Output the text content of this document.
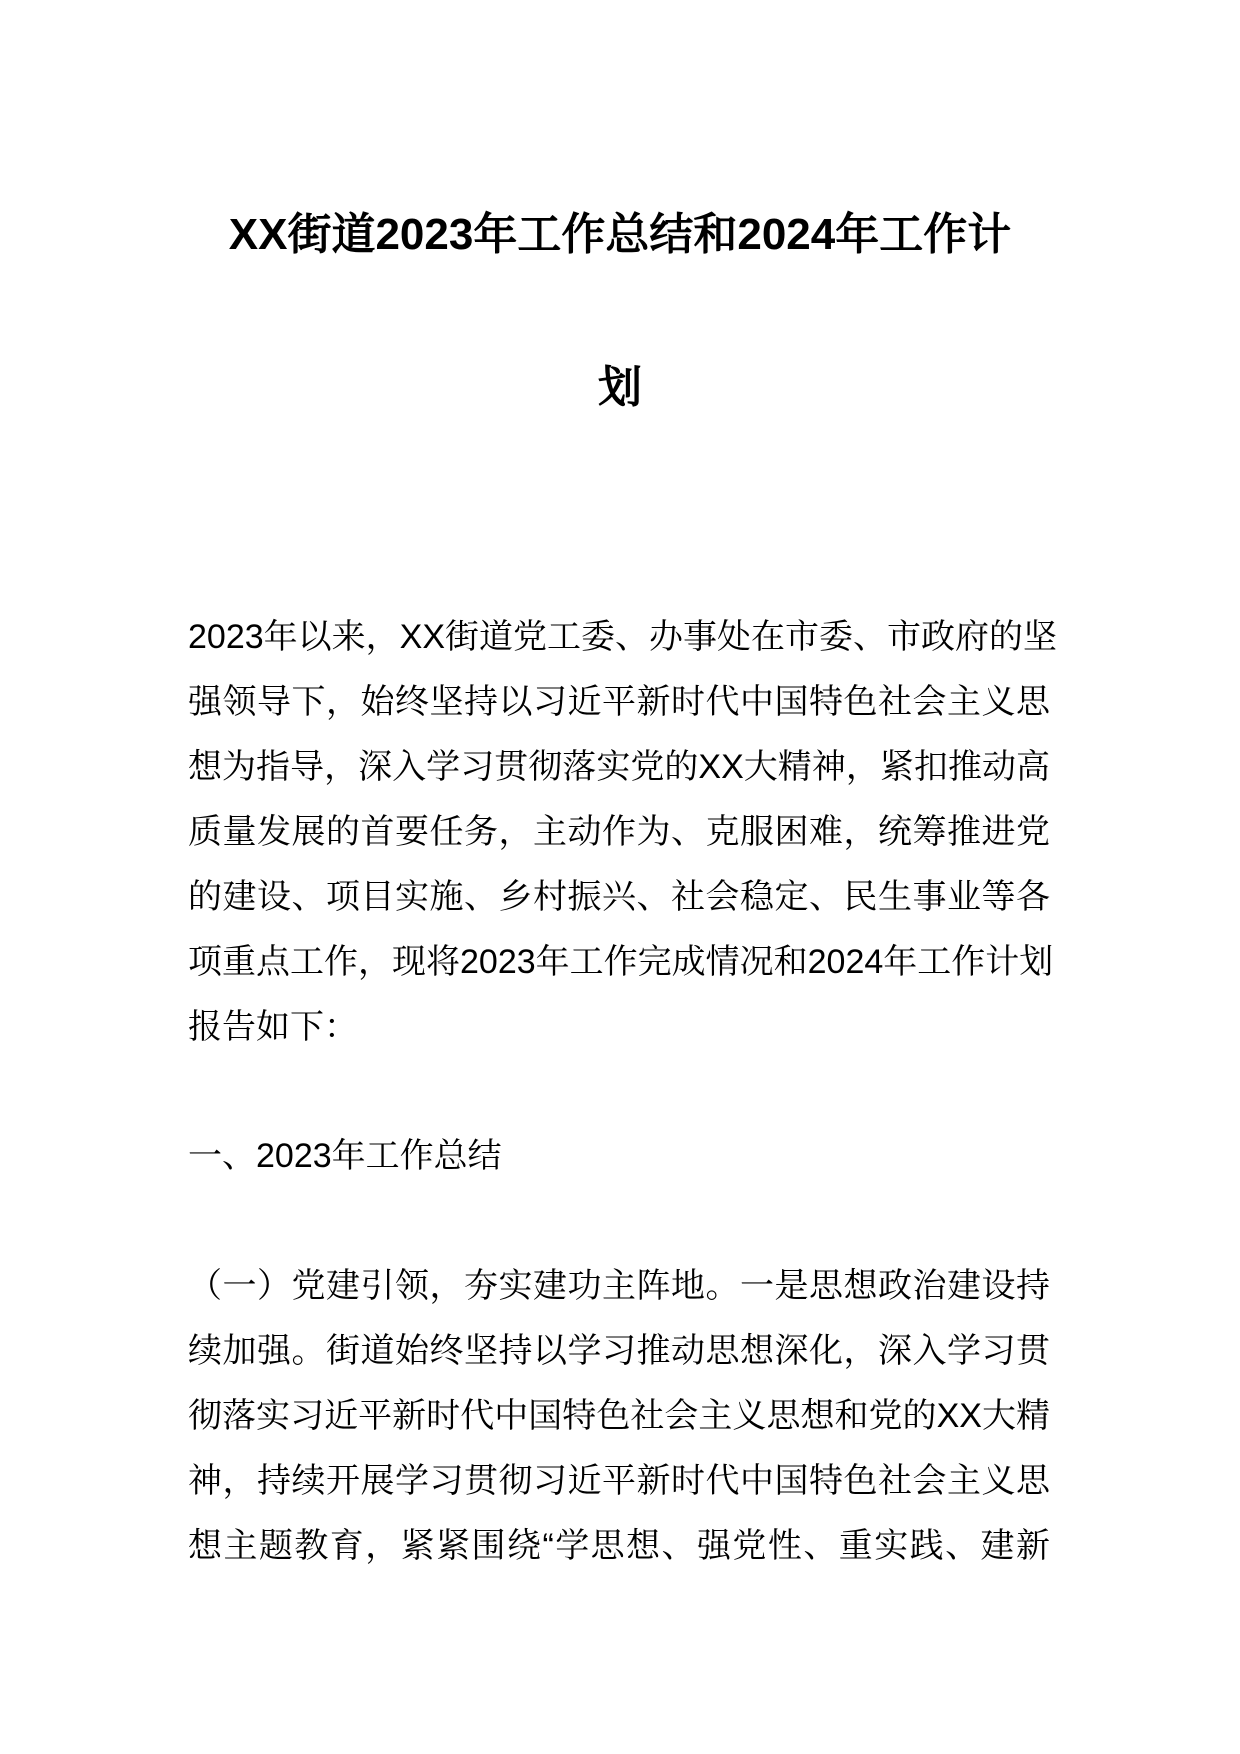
XX街道2023年工作总结和2024年工作计
划
2023年以来，XX街道党工委、办事处在市委、市政府的坚
强领导下，始终坚持以习近平新时代中国特色社会主义思
想为指导，深入学习贯彻落实党的XX大精神，紧扣推动高
质量发展的首要任务，主动作为、克服困难，统筹推进党
的建设、项目实施、乡村振兴、社会稳定、民生事业等各
项重点工作，现将2023年工作完成情况和2024年工作计划
报告如下：
一、2023年工作总结
（一）党建引领，夯实建功主阵地。一是思想政治建设持
续加强。街道始终坚持以学习推动思想深化，深入学习贯
彻落实习近平新时代中国特色社会主义思想和党的XX大精
神，持续开展学习贯彻习近平新时代中国特色社会主义思
想主题教育，紧紧围绕“学思想、强党性、重实践、建新
